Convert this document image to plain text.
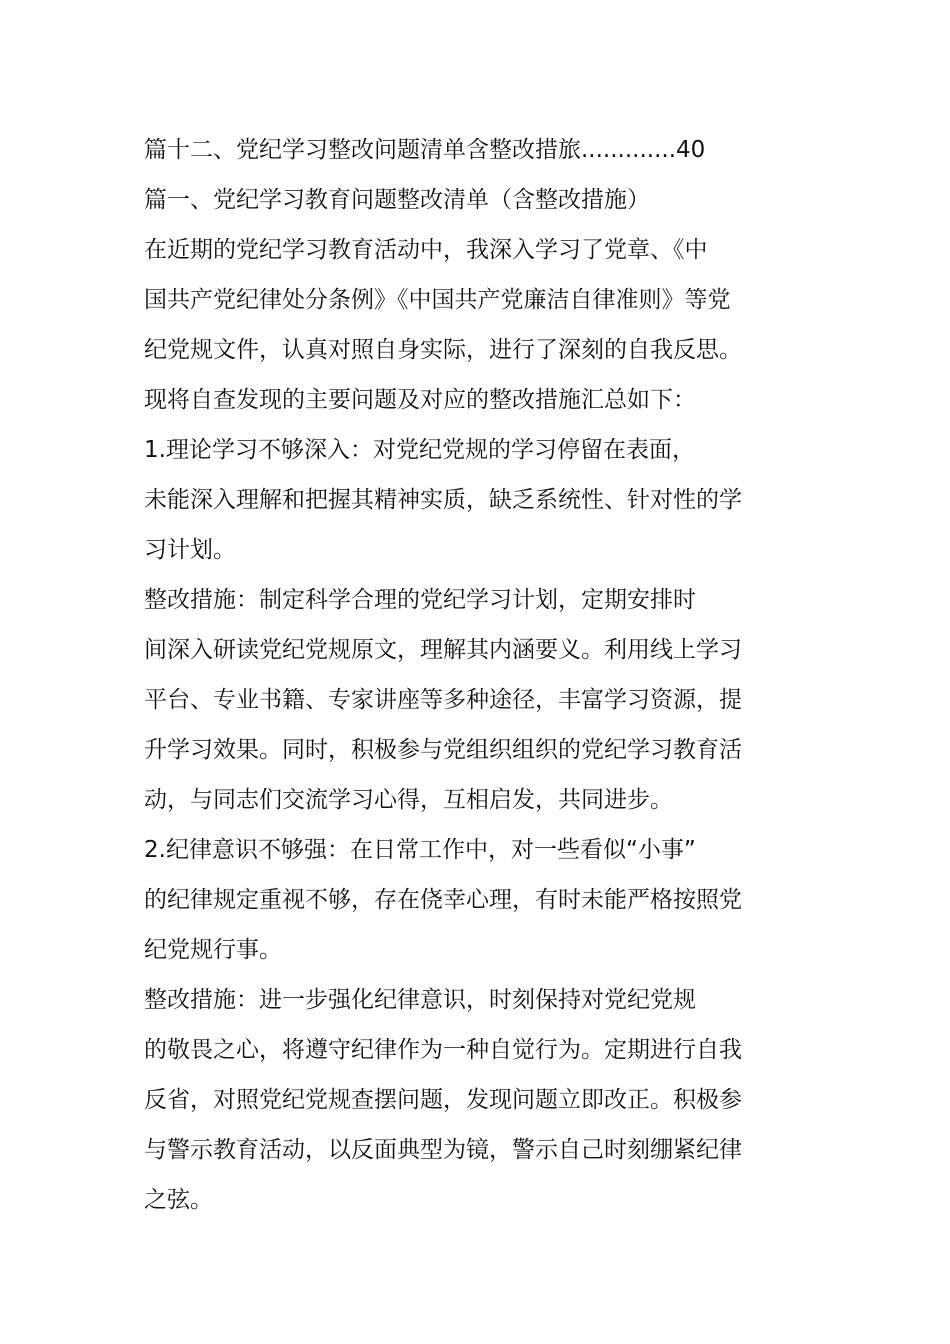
篇十二、党纪学习整改问题清单含整改措旅.............40
篇一、党纪学习教育问题整改清单（含整改措施）
在近期的党纪学习教育活动中，我深入学习了党章、《中
国共产党纪律处分条例》《中国共产党廉洁自律准则》等党
纪党规文件，认真对照自身实际，进行了深刻的自我反思。
现将自查发现的主要问题及对应的整改措施汇总如下：
1.理论学习不够深入：对党纪党规的学习停留在表面，
未能深入理解和把握其精神实质，缺乏系统性、针对性的学
习计划。
整改措施：制定科学合理的党纪学习计划，定期安排时
间深入研读党纪党规原文，理解其内涵要义。利用线上学习
平台、专业书籍、专家讲座等多种途径，丰富学习资源，提
升学习效果。同时，积极参与党组织组织的党纪学习教育活
动，与同志们交流学习心得，互相启发，共同进步。
2.纪律意识不够强：在日常工作中，对一些看似“小事”
的纪律规定重视不够，存在侥幸心理，有时未能严格按照党
纪党规行事。
整改措施：进一步强化纪律意识，时刻保持对党纪党规
的敬畏之心，将遵守纪律作为一种自觉行为。定期进行自我
反省，对照党纪党规查摆问题，发现问题立即改正。积极参
与警示教育活动，以反面典型为镜，警示自己时刻绷紧纪律
之弦。
